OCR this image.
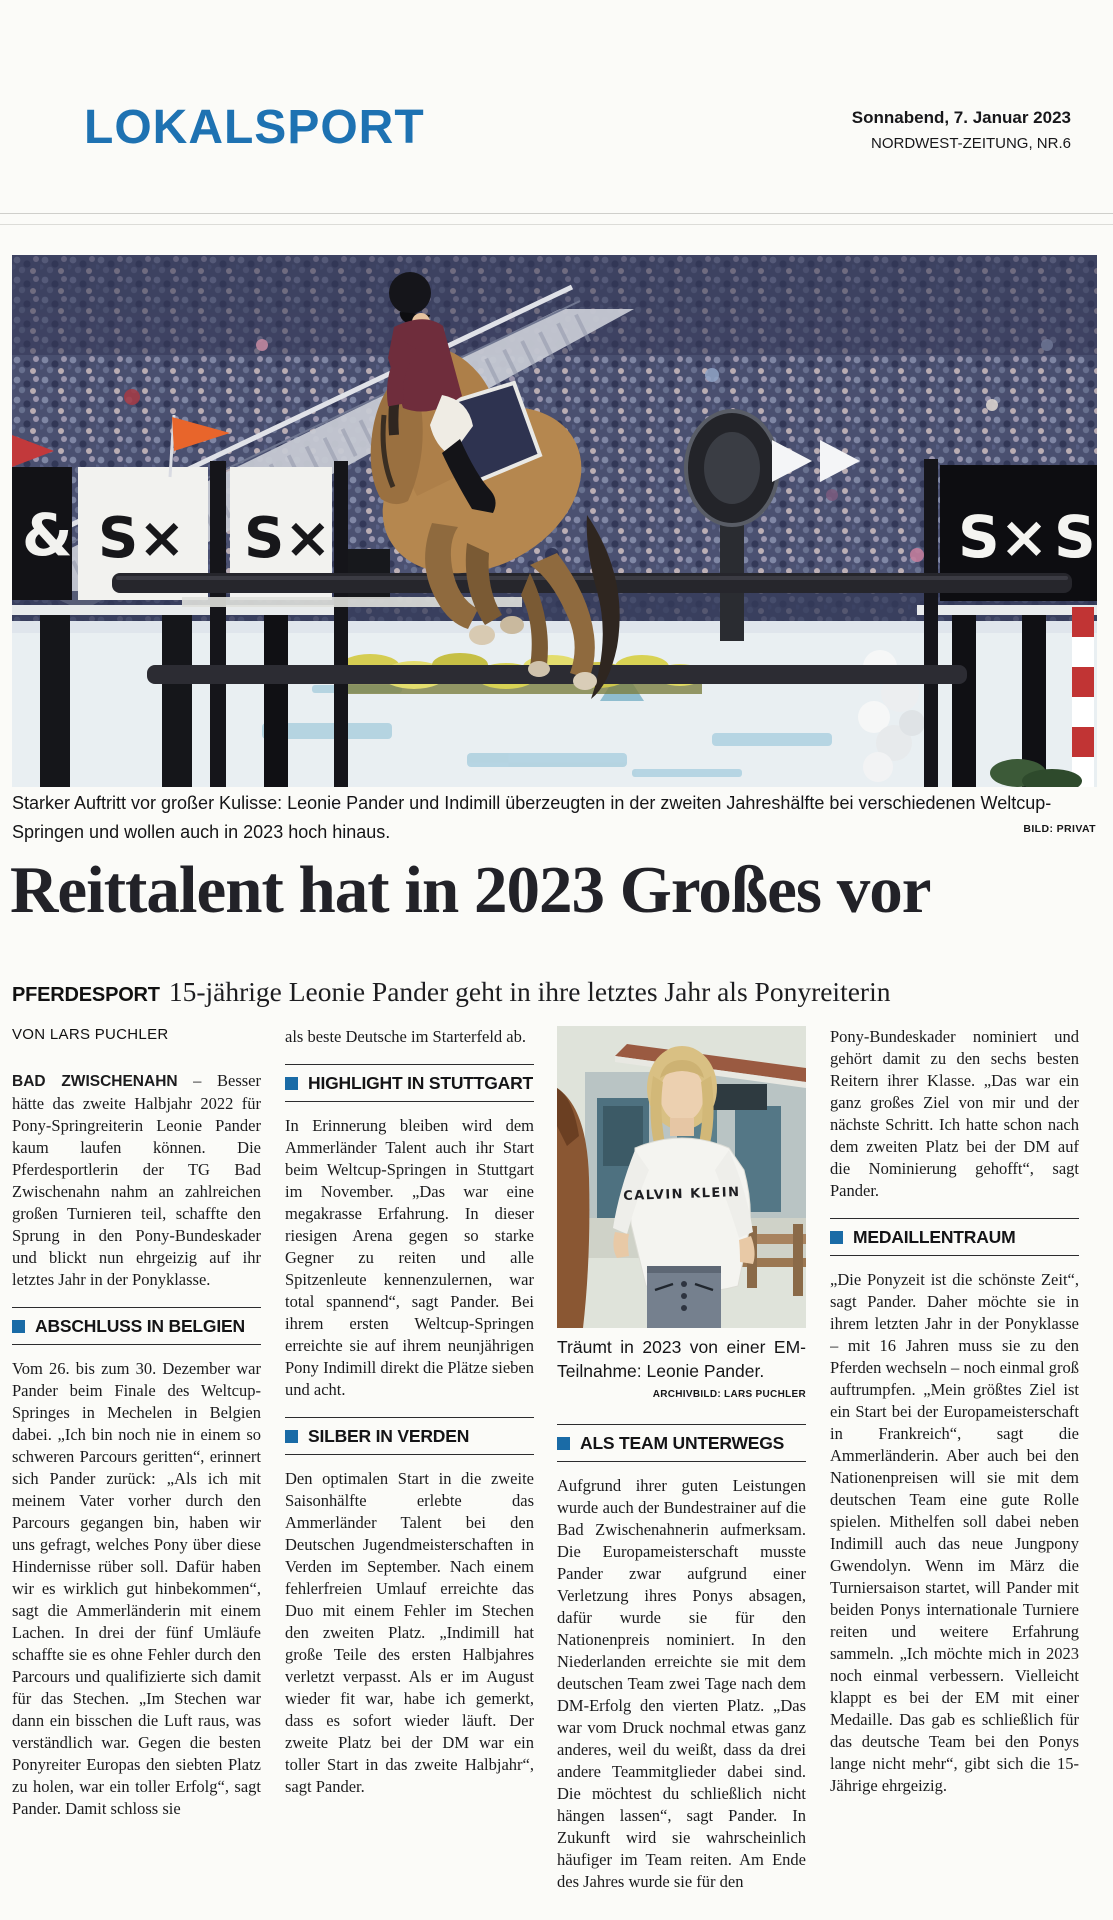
LOKALSPORT	Sonnabend, 7. Januar 2023
NORDWEST-ZEITUNG, NR.6
& S× S×	S× S
Starker Auftritt vor großer Kulisse: Leonie Pander und Indimill überzeugten in der zweiten Jahreshälfte bei verschiedenen Weltcup-Springen und wollen auch in 2023 hoch hinaus.	BILD: PRIVAT
Reittalent hat in 2023 Großes vor
PFERDESPORT 15-jährige Leonie Pander geht in ihre letztes Jahr als Ponyreiterin
VON LARS PUCHLER

BAD ZWISCHENAHN – Besser hätte das zweite Halbjahr 2022 für Pony-Springreiterin Leonie Pander kaum laufen können. Die Pferdesportlerin der TG Bad Zwischenahn nahm an zahlreichen großen Turnieren teil, schaffte den Sprung in den Pony-Bundeskader und blickt nun ehrgeizig auf ihr letztes Jahr in der Ponyklasse.

ABSCHLUSS IN BELGIEN

Vom 26. bis zum 30. Dezember war Pander beim Finale des Weltcup-Springes in Mechelen in Belgien dabei. „Ich bin noch nie in einem so schweren Parcours geritten“, erinnert sich Pander zurück: „Als ich mit meinem Vater vorher durch den Parcours gegangen bin, haben wir uns gefragt, welches Pony über diese Hindernisse rüber soll. Dafür haben wir es wirklich gut hinbekommen“, sagt die Ammerländerin mit einem Lachen. In drei der fünf Umläufe schaffte sie es ohne Fehler durch den Parcours und qualifizierte sich damit für das Stechen. „Im Stechen war dann ein bisschen die Luft raus, was verständlich war. Gegen die besten Ponyreiter Europas den siebten Platz zu holen, war ein toller Erfolg“, sagt Pander. Damit schloss sie

als beste Deutsche im Starterfeld ab.

HIGHLIGHT IN STUTTGART

In Erinnerung bleiben wird dem Ammerländer Talent auch ihr Start beim Weltcup-Springen in Stuttgart im November. „Das war eine megakrasse Erfahrung. In dieser riesigen Arena gegen so starke Gegner zu reiten und alle Spitzenleute kennenzulernen, war total spannend“, sagt Pander. Bei ihrem ersten Weltcup-Springen erreichte sie auf ihrem neunjährigen Pony Indimill direkt die Plätze sieben und acht.

SILBER IN VERDEN

Den optimalen Start in die zweite Saisonhälfte erlebte das Ammerländer Talent bei den Deutschen Jugendmeisterschaften in Verden im September. Nach einem fehlerfreien Umlauf erreichte das Duo mit einem Fehler im Stechen den zweiten Platz. „Indimill hat große Teile des ersten Halbjahres verletzt verpasst. Als er im August wieder fit war, habe ich gemerkt, dass es sofort wieder läuft. Der zweite Platz bei der DM war ein toller Start in das zweite Halbjahr“, sagt Pander.

CALVIN KLEIN
Träumt in 2023 von einer EM-Teilnahme: Leonie Pander.
ARCHIVBILD: LARS PUCHLER
ALS TEAM UNTERWEGS

Aufgrund ihrer guten Leistungen wurde auch der Bundestrainer auf die Bad Zwischenahnerin aufmerksam. Die Europameisterschaft musste Pander zwar aufgrund einer Verletzung ihres Ponys absagen, dafür wurde sie für den Nationenpreis nominiert. In den Niederlanden erreichte sie mit dem deutschen Team zwei Tage nach dem DM-Erfolg den vierten Platz. „Das war vom Druck nochmal etwas ganz anderes, weil du weißt, dass da drei andere Teammitglieder dabei sind. Die möchtest du schließlich nicht hängen lassen“, sagt Pander. In Zukunft wird sie wahrscheinlich häufiger im Team reiten. Am Ende des Jahres wurde sie für den

Pony-Bundeskader nominiert und gehört damit zu den sechs besten Reitern ihrer Klasse. „Das war ein ganz großes Ziel von mir und der nächste Schritt. Ich hatte schon nach dem zweiten Platz bei der DM auf die Nominierung gehofft“, sagt Pander.

MEDAILLENTRAUM

„Die Ponyzeit ist die schönste Zeit“, sagt Pander. Daher möchte sie in ihrem letzten Jahr in der Ponyklasse – mit 16 Jahren muss sie zu den Pferden wechseln – noch einmal groß auftrumpfen. „Mein größtes Ziel ist ein Start bei der Europameisterschaft in Frankreich“, sagt die Ammerländerin. Aber auch bei den Nationenpreisen will sie mit dem deutschen Team eine gute Rolle spielen. Mithelfen soll dabei neben Indimill auch das neue Jungpony Gwendolyn. Wenn im März die Turniersaison startet, will Pander mit beiden Ponys internationale Turniere reiten und weitere Erfahrung sammeln. „Ich möchte mich in 2023 noch einmal verbessern. Vielleicht klappt es bei der EM mit einer Medaille. Das gab es schließlich für das deutsche Team bei den Ponys lange nicht mehr“, gibt sich die 15-Jährige ehrgeizig.
